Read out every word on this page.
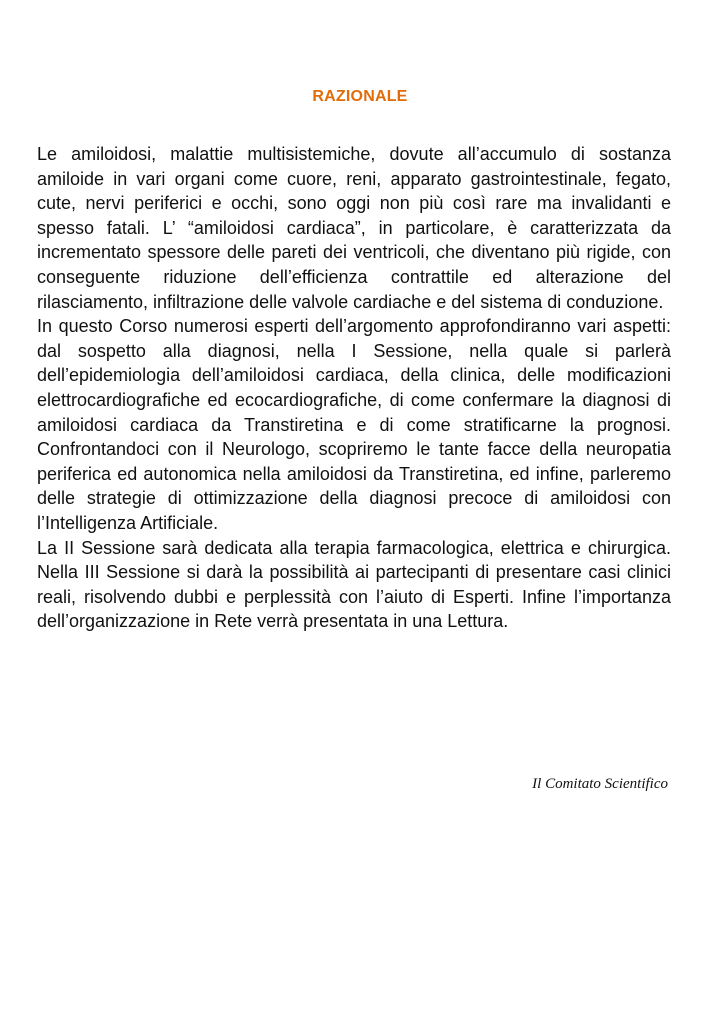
RAZIONALE

Le amiloidosi, malattie multisistemiche, dovute all’accumulo di sostanza amiloide in vari organi come cuore, reni, apparato gastrointestinale, fegato, cute, nervi periferici e occhi, sono oggi non più così rare ma invalidanti e spesso fatali. L’ “amiloidosi cardiaca”, in particolare, è caratterizzata da incrementato spessore delle pareti dei ventricoli, che diventano più rigide, con conseguente riduzione dell’efficienza contrattile ed alterazione del rilasciamento, infiltrazione delle valvole cardiache e del sistema di conduzione.

In questo Corso numerosi esperti dell’argomento approfondiranno vari aspetti: dal sospetto alla diagnosi, nella I Sessione, nella quale si parlerà dell’epidemiologia dell’amiloidosi cardiaca, della clinica, delle modificazioni elettrocardiografiche ed ecocardiografiche, di come confermare la diagnosi di amiloidosi cardiaca da Transtiretina e di come stratificarne la prognosi. Confrontandoci con il Neurologo, scopriremo le tante facce della neuropatia periferica ed autonomica nella amiloidosi da Transtiretina, ed infine, parleremo delle strategie di ottimizzazione della diagnosi precoce di amiloidosi con l’Intelligenza Artificiale.

La II Sessione sarà dedicata alla terapia farmacologica, elettrica e chirurgica. Nella III Sessione si darà la possibilità ai partecipanti di presentare casi clinici reali, risolvendo dubbi e perplessità con l’aiuto di Esperti. Infine l’importanza dell’organizzazione in Rete verrà presentata in una Lettura.

Il Comitato Scientifico
